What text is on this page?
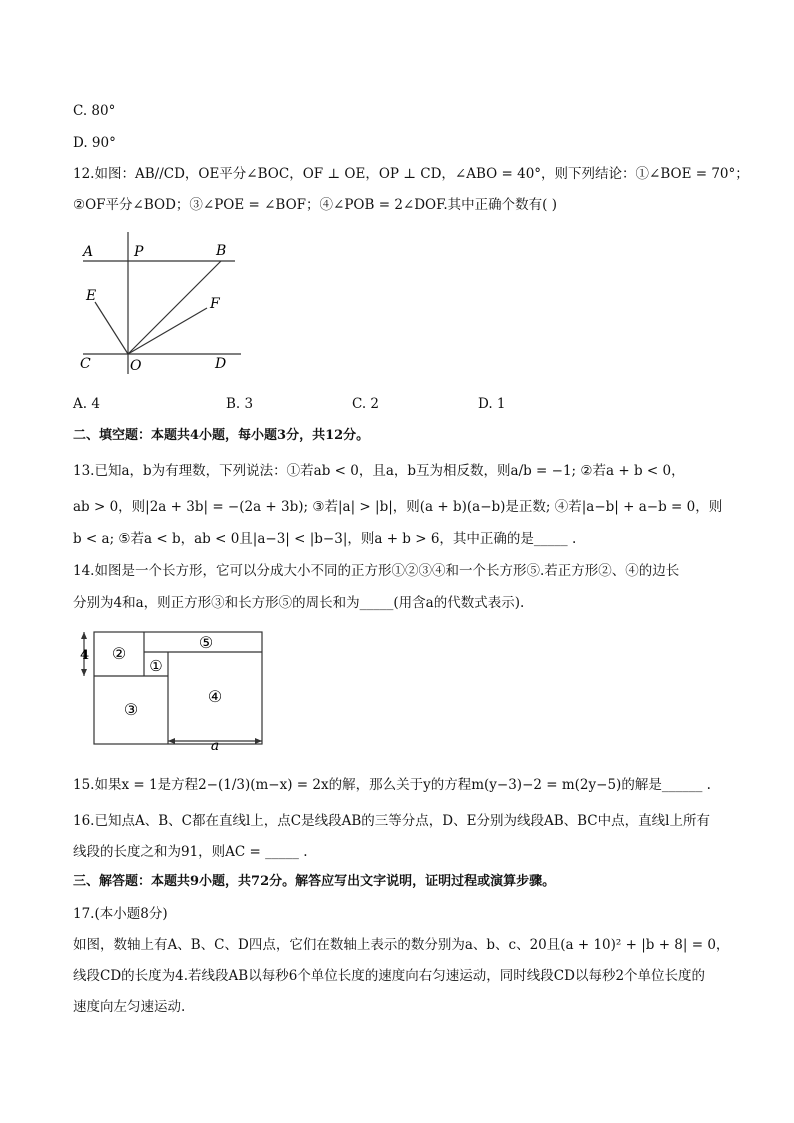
C. 80°
D. 90°
12.如图：AB//CD，OE平分∠BOC，OF ⊥ OE，OP ⊥ CD，∠ABO = 40°，则下列结论：①∠BOE = 70°；
②OF平分∠BOD；③∠POE = ∠BOF；④∠POB = 2∠DOF.其中正确个数有( )
A	P	B
E	F
C	O	D
A. 4	B. 3	C. 2	D. 1
二、填空题：本题共4小题，每小题3分，共12分。
13.已知a，b为有理数，下列说法：①若ab < 0，且a，b互为相反数，则a/b = −1; ②若a + b < 0，
ab > 0，则|2a + 3b| = −(2a + 3b); ③若|a| > |b|，则(a + b)(a−b)是正数; ④若|a−b| + a−b = 0，则
b < a; ⑤若a < b，ab < 0且|a−3| < |b−3|，则a + b > 6，其中正确的是_____ .
14.如图是一个长方形，它可以分成大小不同的正方形①②③④和一个长方形⑤.若正方形②、④的边长
分别为4和a，则正方形③和长方形⑤的周长和为_____(用含a的代数式表示).
4 ②
①
⑤
③
④
a
15.如果x = 1是方程2−(1/3)(m−x) = 2x的解，那么关于y的方程m(y−3)−2 = m(2y−5)的解是______ .
16.已知点A、B、C都在直线l上，点C是线段AB的三等分点，D、E分别为线段AB、BC中点，直线l上所有
线段的长度之和为91，则AC = _____ .
三、解答题：本题共9小题，共72分。解答应写出文字说明，证明过程或演算步骤。
17.(本小题8分)
如图，数轴上有A、B、C、D四点，它们在数轴上表示的数分别为a、b、c、20且(a + 10)² + |b + 8| = 0，
线段CD的长度为4.若线段AB以每秒6个单位长度的速度向右匀速运动，同时线段CD以每秒2个单位长度的
速度向左匀速运动.
